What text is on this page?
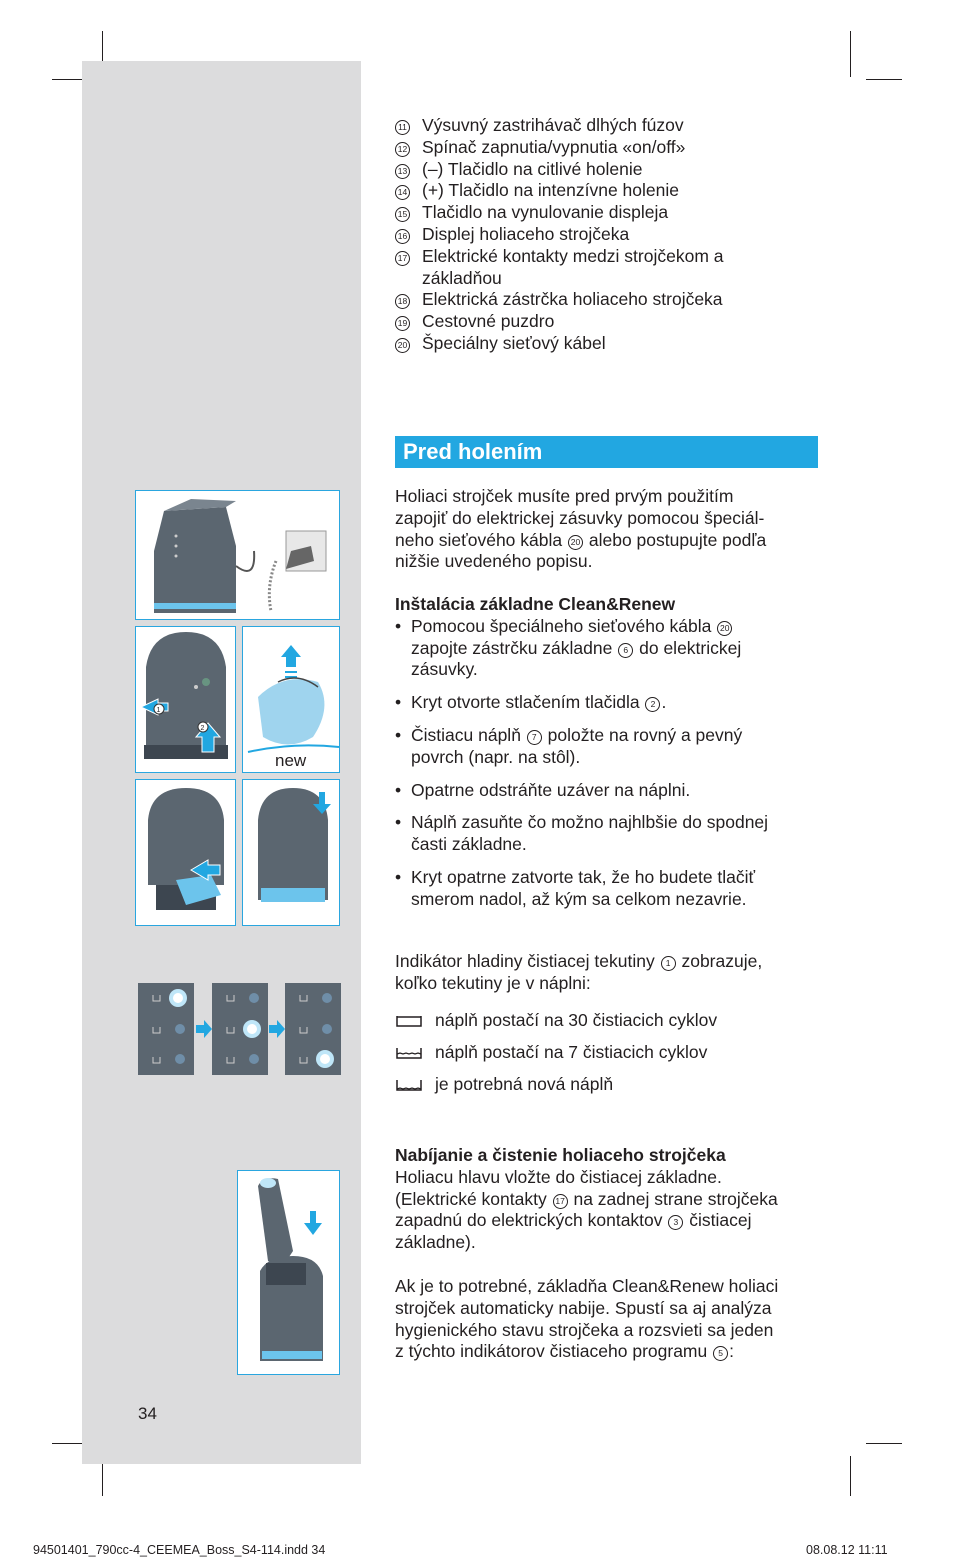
11 Výsuvný zastrihávač dlhých fúzov
12 Spínač zapnutia/vypnutia «on/off»
13 (–) Tlačidlo na citlivé holenie
14 (+) Tlačidlo na intenzívne holenie
15 Tlačidlo na vynulovanie displeja
16 Displej holiaceho strojčeka
17 Elektrické kontakty medzi strojčekom a
základňou
18 Elektrická zástrčka holiaceho strojčeka
19 Cestovné puzdro
20 Špeciálny sieťový kábel
Pred holením
Holiaci strojček musíte pred prvým použitím
zapojiť do elektrickej zásuvky pomocou špeciál-
neho sieťového kábla 20 alebo postupujte podľa
nižšie uvedeného popisu.
Inštalácia základne Clean&Renew
• Pomocou špeciálneho sieťového kábla 20
zapojte zástrčku základne 6 do elektrickej
zásuvky.
• Kryt otvorte stlačením tlačidla 2 .
• Čistiacu náplň 7 položte na rovný a pevný
povrch (napr. na stôl).
• Opatrne odstráňte uzáver na náplni.
• Náplň zasuňte čo možno najhlbšie do spodnej
časti základne.
• Kryt opatrne zatvorte tak, že ho budete tlačiť
smerom nadol, až kým sa celkom nezavrie.
Indikátor hladiny čistiacej tekutiny 1 zobrazuje,
koľko tekutiny je v náplni:
náplň postačí na 30 čistiacich cyklov
náplň postačí na 7 čistiacich cyklov
je potrebná nová náplň
Nabíjanie a čistenie holiaceho strojčeka
Holiacu hlavu vložte do čistiacej základne.
(Elektrické kontakty 17 na zadnej strane strojčeka
zapadnú do elektrických kontaktov 3 čistiacej
základne).
Ak je to potrebné, základňa Clean&Renew holiaci
strojček automaticky nabije. Spustí sa aj analýza
hygienického stavu strojčeka a rozsvieti sa jeden
z týchto indikátorov čistiaceho programu 5 :
1
2
new
34
94501401_790cc-4_CEEMEA_Boss_S4-114.indd 34	08.08.12 11:11
